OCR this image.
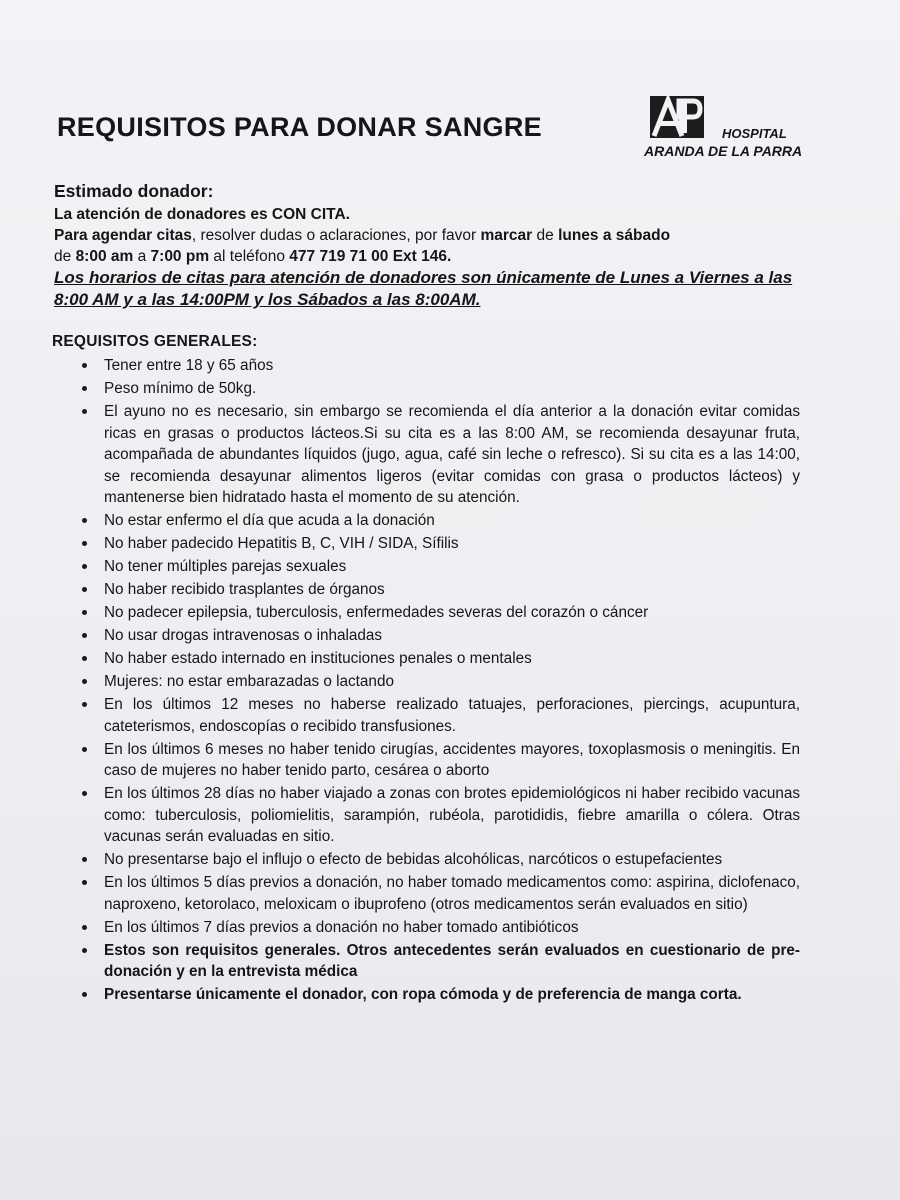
REQUISITOS PARA DONAR SANGRE	HOSPITAL
ARANDA DE LA PARRA

Estimado donador:

La atención de donadores es CON CITA.

Para agendar citas, resolver dudas o aclaraciones, por favor marcar de lunes a sábado

de 8:00 am a 7:00 pm al teléfono 477 719 71 00 Ext 146.

Los horarios de citas para atención de donadores son únicamente de Lunes a Viernes a las 8:00 AM y a las 14:00PM y los Sábados a las 8:00AM.

REQUISITOS GENERALES:
Tener entre 18 y 65 años
Peso mínimo de 50kg.
El ayuno no es necesario, sin embargo se recomienda el día anterior a la donación evitar comidas ricas en grasas o productos lácteos.Si su cita es a las 8:00 AM, se recomienda desayunar fruta, acompañada de abundantes líquidos (jugo, agua, café sin leche o refresco). Si su cita es a las 14:00, se recomienda desayunar alimentos ligeros (evitar comidas con grasa o productos lácteos) y mantenerse bien hidratado hasta el momento de su atención.
No estar enfermo el día que acuda a la donación
No haber padecido Hepatitis B, C, VIH / SIDA, Sífilis
No tener múltiples parejas sexuales
No haber recibido trasplantes de órganos
No padecer epilepsia, tuberculosis, enfermedades severas del corazón o cáncer
No usar drogas intravenosas o inhaladas
No haber estado internado en instituciones penales o mentales
Mujeres: no estar embarazadas o lactando
En los últimos 12 meses no haberse realizado tatuajes, perforaciones, piercings, acupuntura, cateterismos, endoscopías o recibido transfusiones.
En los últimos 6 meses no haber tenido cirugías, accidentes mayores, toxoplasmosis o meningitis. En caso de mujeres no haber tenido parto, cesárea o aborto
En los últimos 28 días no haber viajado a zonas con brotes epidemiológicos ni haber recibido vacunas como: tuberculosis, poliomielitis, sarampión, rubéola, parotididis, fiebre amarilla o cólera. Otras vacunas serán evaluadas en sitio.
No presentarse bajo el influjo o efecto de bebidas alcohólicas, narcóticos o estupefacientes
En los últimos 5 días previos a donación, no haber tomado medicamentos como: aspirina, diclofenaco, naproxeno, ketorolaco, meloxicam o ibuprofeno (otros medicamentos serán evaluados en sitio)
En los últimos 7 días previos a donación no haber tomado antibióticos
Estos son requisitos generales. Otros antecedentes serán evaluados en cuestionario de pre-donación y en la entrevista médica
Presentarse únicamente el donador, con ropa cómoda y de preferencia de manga corta.
